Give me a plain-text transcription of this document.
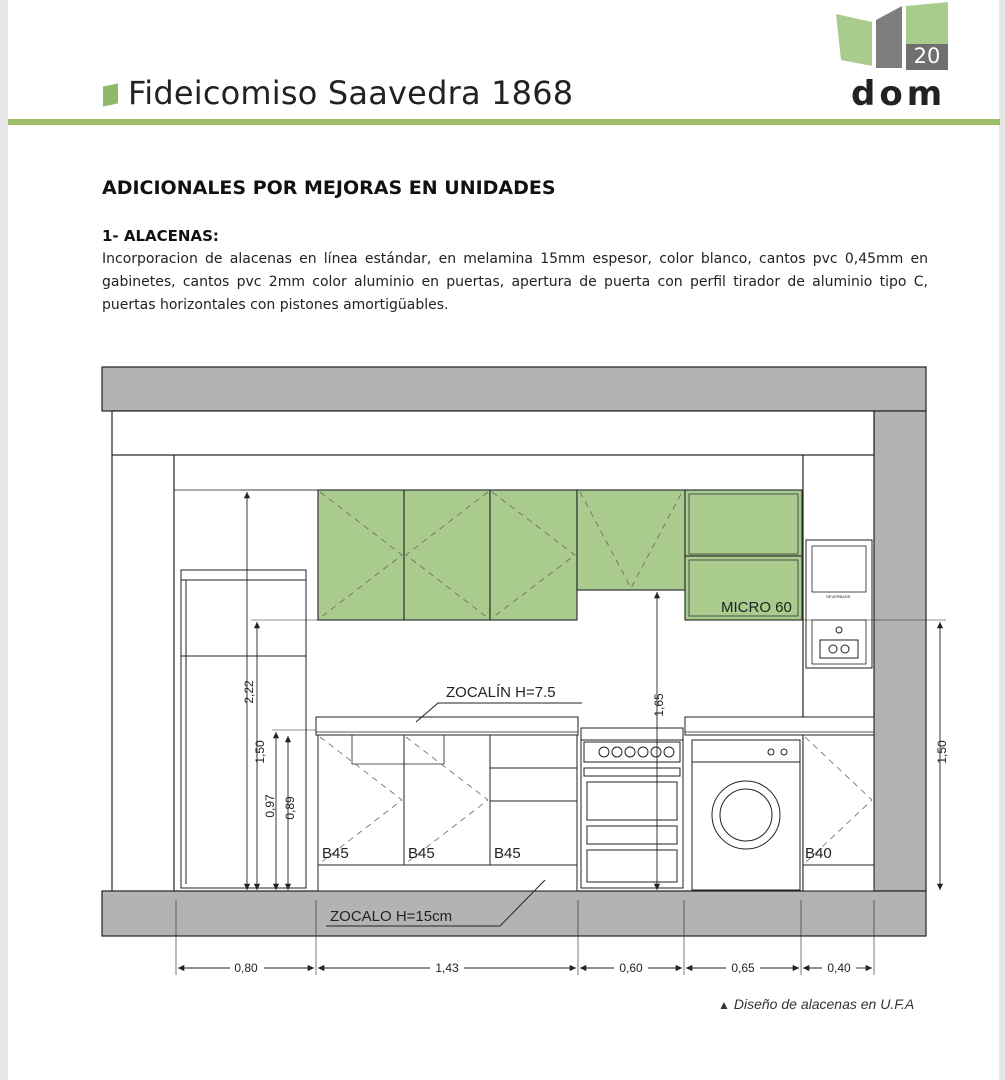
Fideicomiso Saavedra 1868
20
dom
ADICIONALES POR MEJORAS EN UNIDADES
1- ALACENAS:
Incorporacion de alacenas en línea estándar, en melamina 15mm espesor, color blanco, cantos pvc 0,45mm en gabinetes, cantos pvc 2mm color aluminio en puertas, apertura de puerta con perfil tirador de aluminio tipo C, puertas horizontales con pistones amortigüables.
SEVERBAGE
B45	B45	B45	B40
MICRO 60
ZOCALÍN H=7.5
ZOCALO H=15cm
2,22
1,50
0,97 0,89
1,65
1,50
0,80	1,43	0,60	0,65	0,40
▲ Diseño de alacenas en U.F.A
